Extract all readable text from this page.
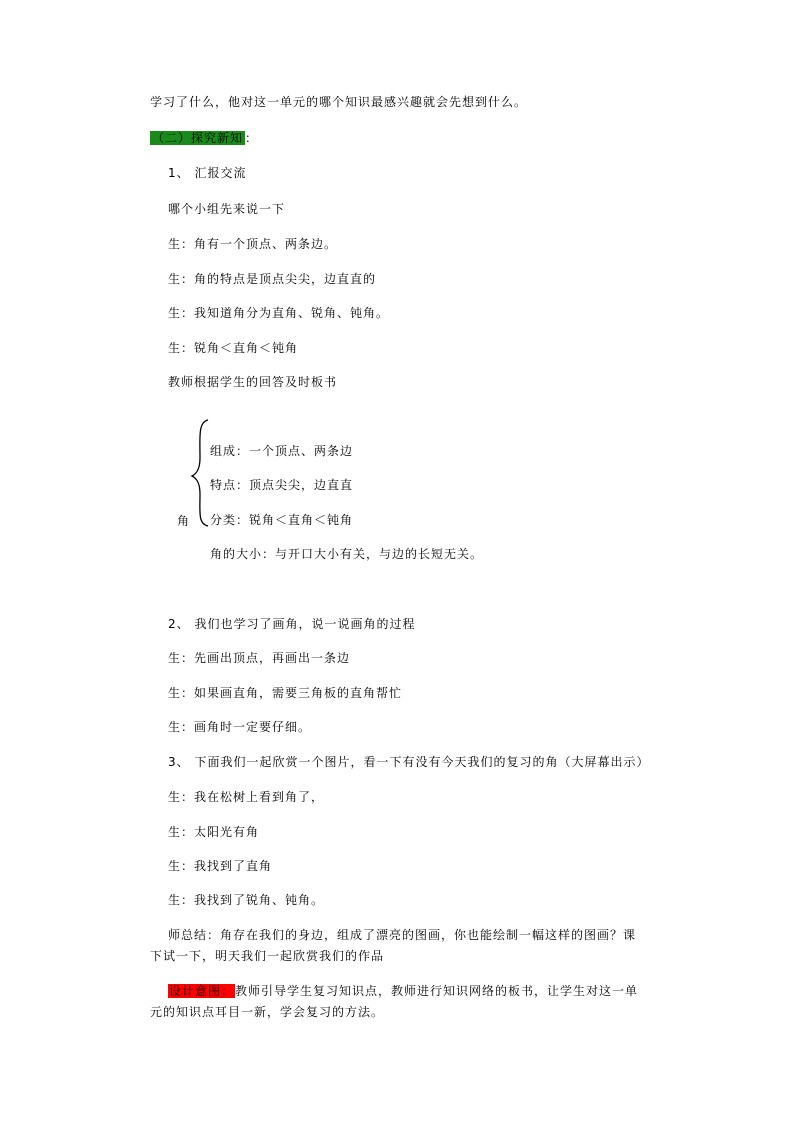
学习了什么，他对这一单元的哪个知识最感兴趣就会先想到什么。
（二）探究新知 ：
1、 汇报交流
哪个小组先来说一下
生：角有一个顶点、两条边。
生：角的特点是顶点尖尖，边直直的
生：我知道角分为直角、锐角、钝角。
生：锐角＜直角＜钝角
教师根据学生的回答及时板书
组成：一个顶点、两条边
特点：顶点尖尖，边直直
角 分类：锐角＜直角＜钝角
角的大小：与开口大小有关，与边的长短无关。
2、 我们也学习了画角，说一说画角的过程
生：先画出顶点，再画出一条边
生：如果画直角，需要三角板的直角帮忙
生：画角时一定要仔细。
3、 下面我们一起欣赏一个图片，看一下有没有今天我们的复习的角（大屏幕出示）
生：我在松树上看到角了，
生：太阳光有角
生：我找到了直角
生：我找到了锐角、钝角。
师总结：角存在我们的身边，组成了漂亮的图画，你也能绘制一幅这样的图画？课
下试一下，明天我们一起欣赏我们的作品
设计意图：教师引导学生复习知识点，教师进行知识网络的板书，让学生对这一单
元的知识点耳目一新，学会复习的方法。
